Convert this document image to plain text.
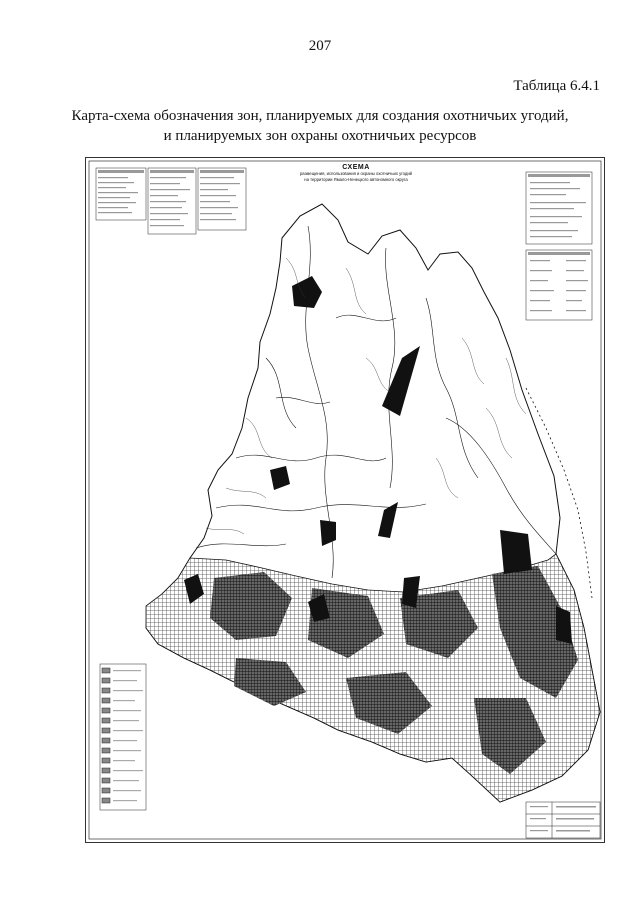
207
Таблица 6.4.1
Карта-схема обозначения зон, планируемых для создания охотничьих угодий,
и планируемых зон охраны охотничьих ресурсов
СХЕМА
размещения, использования и охраны охотничьих угодий
на территории Ямало-Ненецкого автономного округа
